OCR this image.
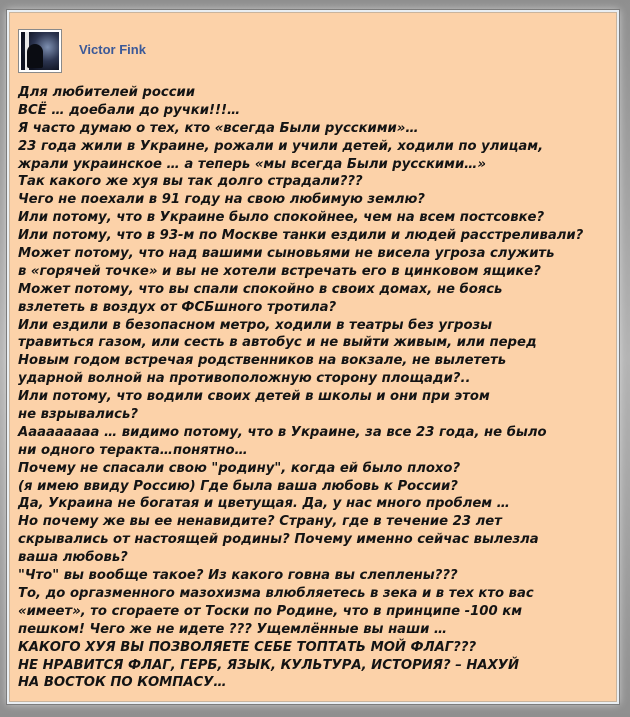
Victor Fink
Для любителей россии
ВСЁ … доебали до ручки!!!…
Я часто думаю о тех, кто «всегда Были русскими»…
23 года жили в Украине, рожали и учили детей, ходили по улицам,
жрали украинское … а теперь «мы всегда Были русскими…»
Так какого же хуя вы так долго страдали???
Чего не поехали в 91 году на свою любимую землю?
Или потому, что в Украине было спокойнее, чем на всем постсовке?
Или потому, что в 93-м по Москве танки ездили и людей расстреливали?
Может потому, что над вашими сыновьями не висела угроза служить
в «горячей точке» и вы не хотели встречать его в цинковом ящике?
Может потому, что вы спали спокойно в своих домах, не боясь
взлететь в воздух от ФСБшного тротила?
Или ездили в безопасном метро, ходили в театры без угрозы
травиться газом, или сесть в автобус и не выйти живым, или перед
Новым годом встречая родственников на вокзале, не вылететь
ударной волной на противоположную сторону площади?..
Или потому, что водили своих детей в школы и они при этом
не взрывались?
Ааааааааа … видимо потому, что в Украине, за все 23 года, не было
ни одного теракта…понятно…
Почему не спасали свою "родину", когда ей было плохо?
(я имею ввиду Россию) Где была ваша любовь к России?
Да, Украина не богатая и цветущая. Да, у нас много проблем …
Но почему же вы ее ненавидите? Страну, где в течение 23 лет
скрывались от настоящей родины? Почему именно сейчас вылезла
ваша любовь?
"Что" вы вообще такое? Из какого говна вы слеплены???
То, до оргазменного мазохизма влюбляетесь в зека и в тех кто вас
«имеет», то сгораете от Тоски по Родине, что в принципе -100 км
пешком! Чего же не идете ??? Ущемлённые вы наши …
КАКОГО ХУЯ ВЫ ПОЗВОЛЯЕТЕ СЕБЕ ТОПТАТЬ МОЙ ФЛАГ???
НЕ НРАВИТСЯ ФЛАГ, ГЕРБ, ЯЗЫК, КУЛЬТУРА, ИСТОРИЯ? – НАХУЙ
НА ВОСТОК ПО КОМПАСУ…
